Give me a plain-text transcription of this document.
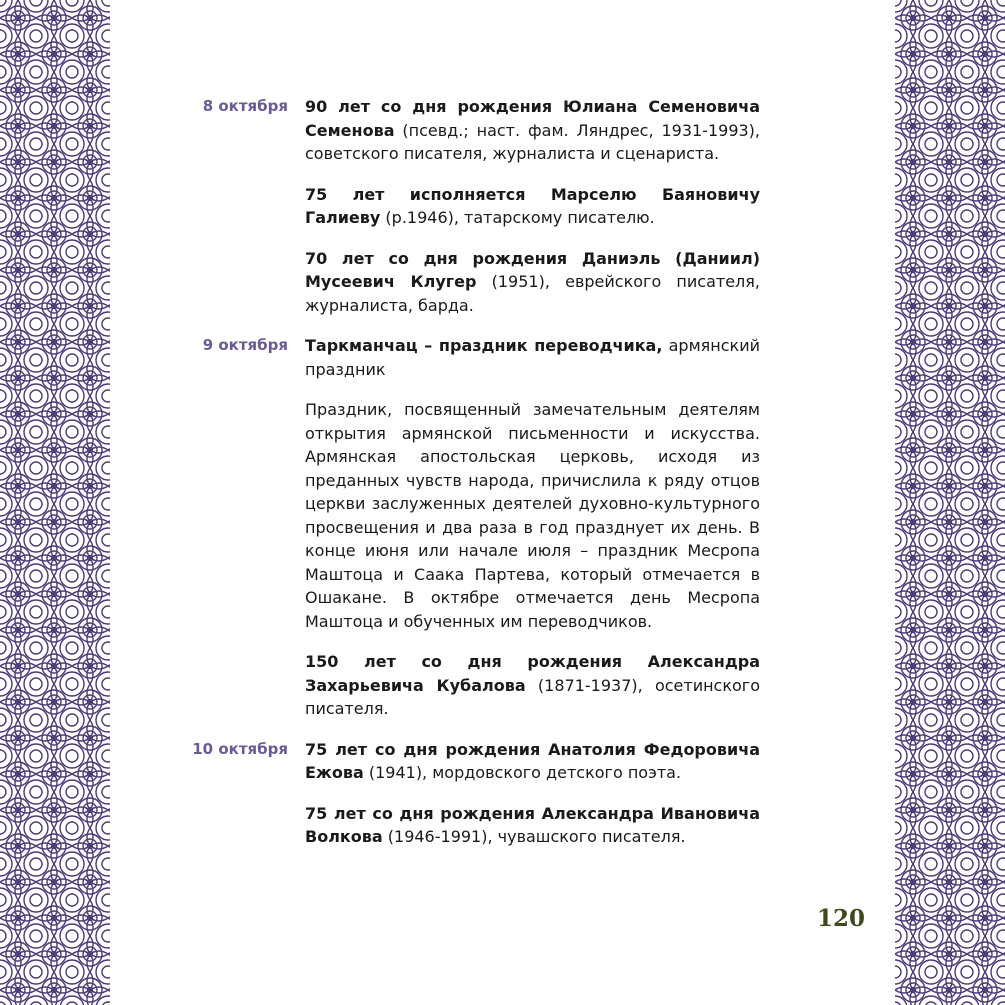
8 октября	90 лет со дня рождения Юлиана Семеновича Семенова (псевд.; наст. фам. Ляндрес, 1931-1993), советского писателя, журналиста и сценариста.

75 лет исполняется Марселю Баяновичу Галиеву (р.1946), татарскому писателю.

70 лет со дня рождения Даниэль (Даниил) Мусеевич Клугер (1951), еврейского писателя, журналиста, барда.

9 октября	Таркманчац – праздник переводчика, армянский праздник

Праздник, посвященный замечательным деятелям открытия армянской письменности и искусства. Армянская апостольская церковь, исходя из преданных чувств народа, причислила к ряду отцов церкви заслуженных деятелей духовно-культурного просвещения и два раза в год празднует их день. В конце июня или начале июля – праздник Месропа Маштоца и Саака Партева, который отмечается в Ошакане. В октябре отмечается день Месропа Маштоца и обученных им переводчиков.

150 лет со дня рождения Александра Захарьевича Кубалова (1871-1937), осетинского писателя.

10 октября	75 лет со дня рождения Анатолия Федоровича Ежова (1941), мордовского детского поэта.

75 лет со дня рождения Александра Ивановича Волкова (1946-1991), чувашского писателя.

120
